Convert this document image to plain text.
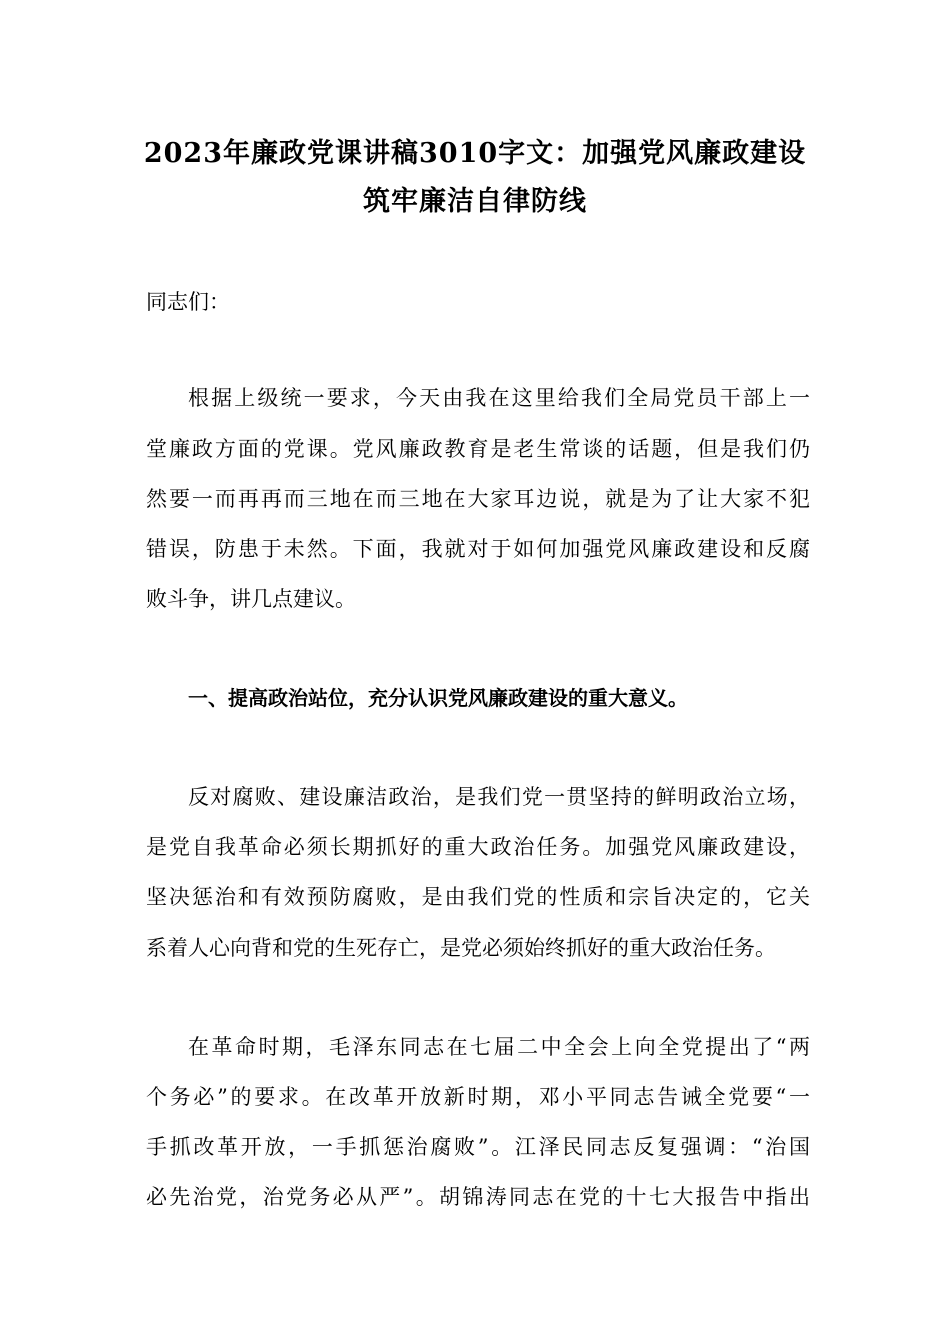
2023年廉政党课讲稿3010字文：加强党风廉政建设
筑牢廉洁自律防线
同志们：
根据上级统一要求，今天由我在这里给我们全局党员干部上一
堂廉政方面的党课。党风廉政教育是老生常谈的话题，但是我们仍
然要一而再再而三地在而三地在大家耳边说，就是为了让大家不犯
错误，防患于未然。下面，我就对于如何加强党风廉政建设和反腐
败斗争，讲几点建议。
一、提高政治站位，充分认识党风廉政建设的重大意义。
反对腐败、建设廉洁政治，是我们党一贯坚持的鲜明政治立场，
是党自我革命必须长期抓好的重大政治任务。加强党风廉政建设，
坚决惩治和有效预防腐败，是由我们党的性质和宗旨决定的，它关
系着人心向背和党的生死存亡，是党必须始终抓好的重大政治任务。
在革命时期，毛泽东同志在七届二中全会上向全党提出了“两
个务必”的要求。在改革开放新时期，邓小平同志告诫全党要“一
手抓改革开放，一手抓惩治腐败”。江泽民同志反复强调：“治国
必先治党，治党务必从严”。胡锦涛同志在党的十七大报告中指出
